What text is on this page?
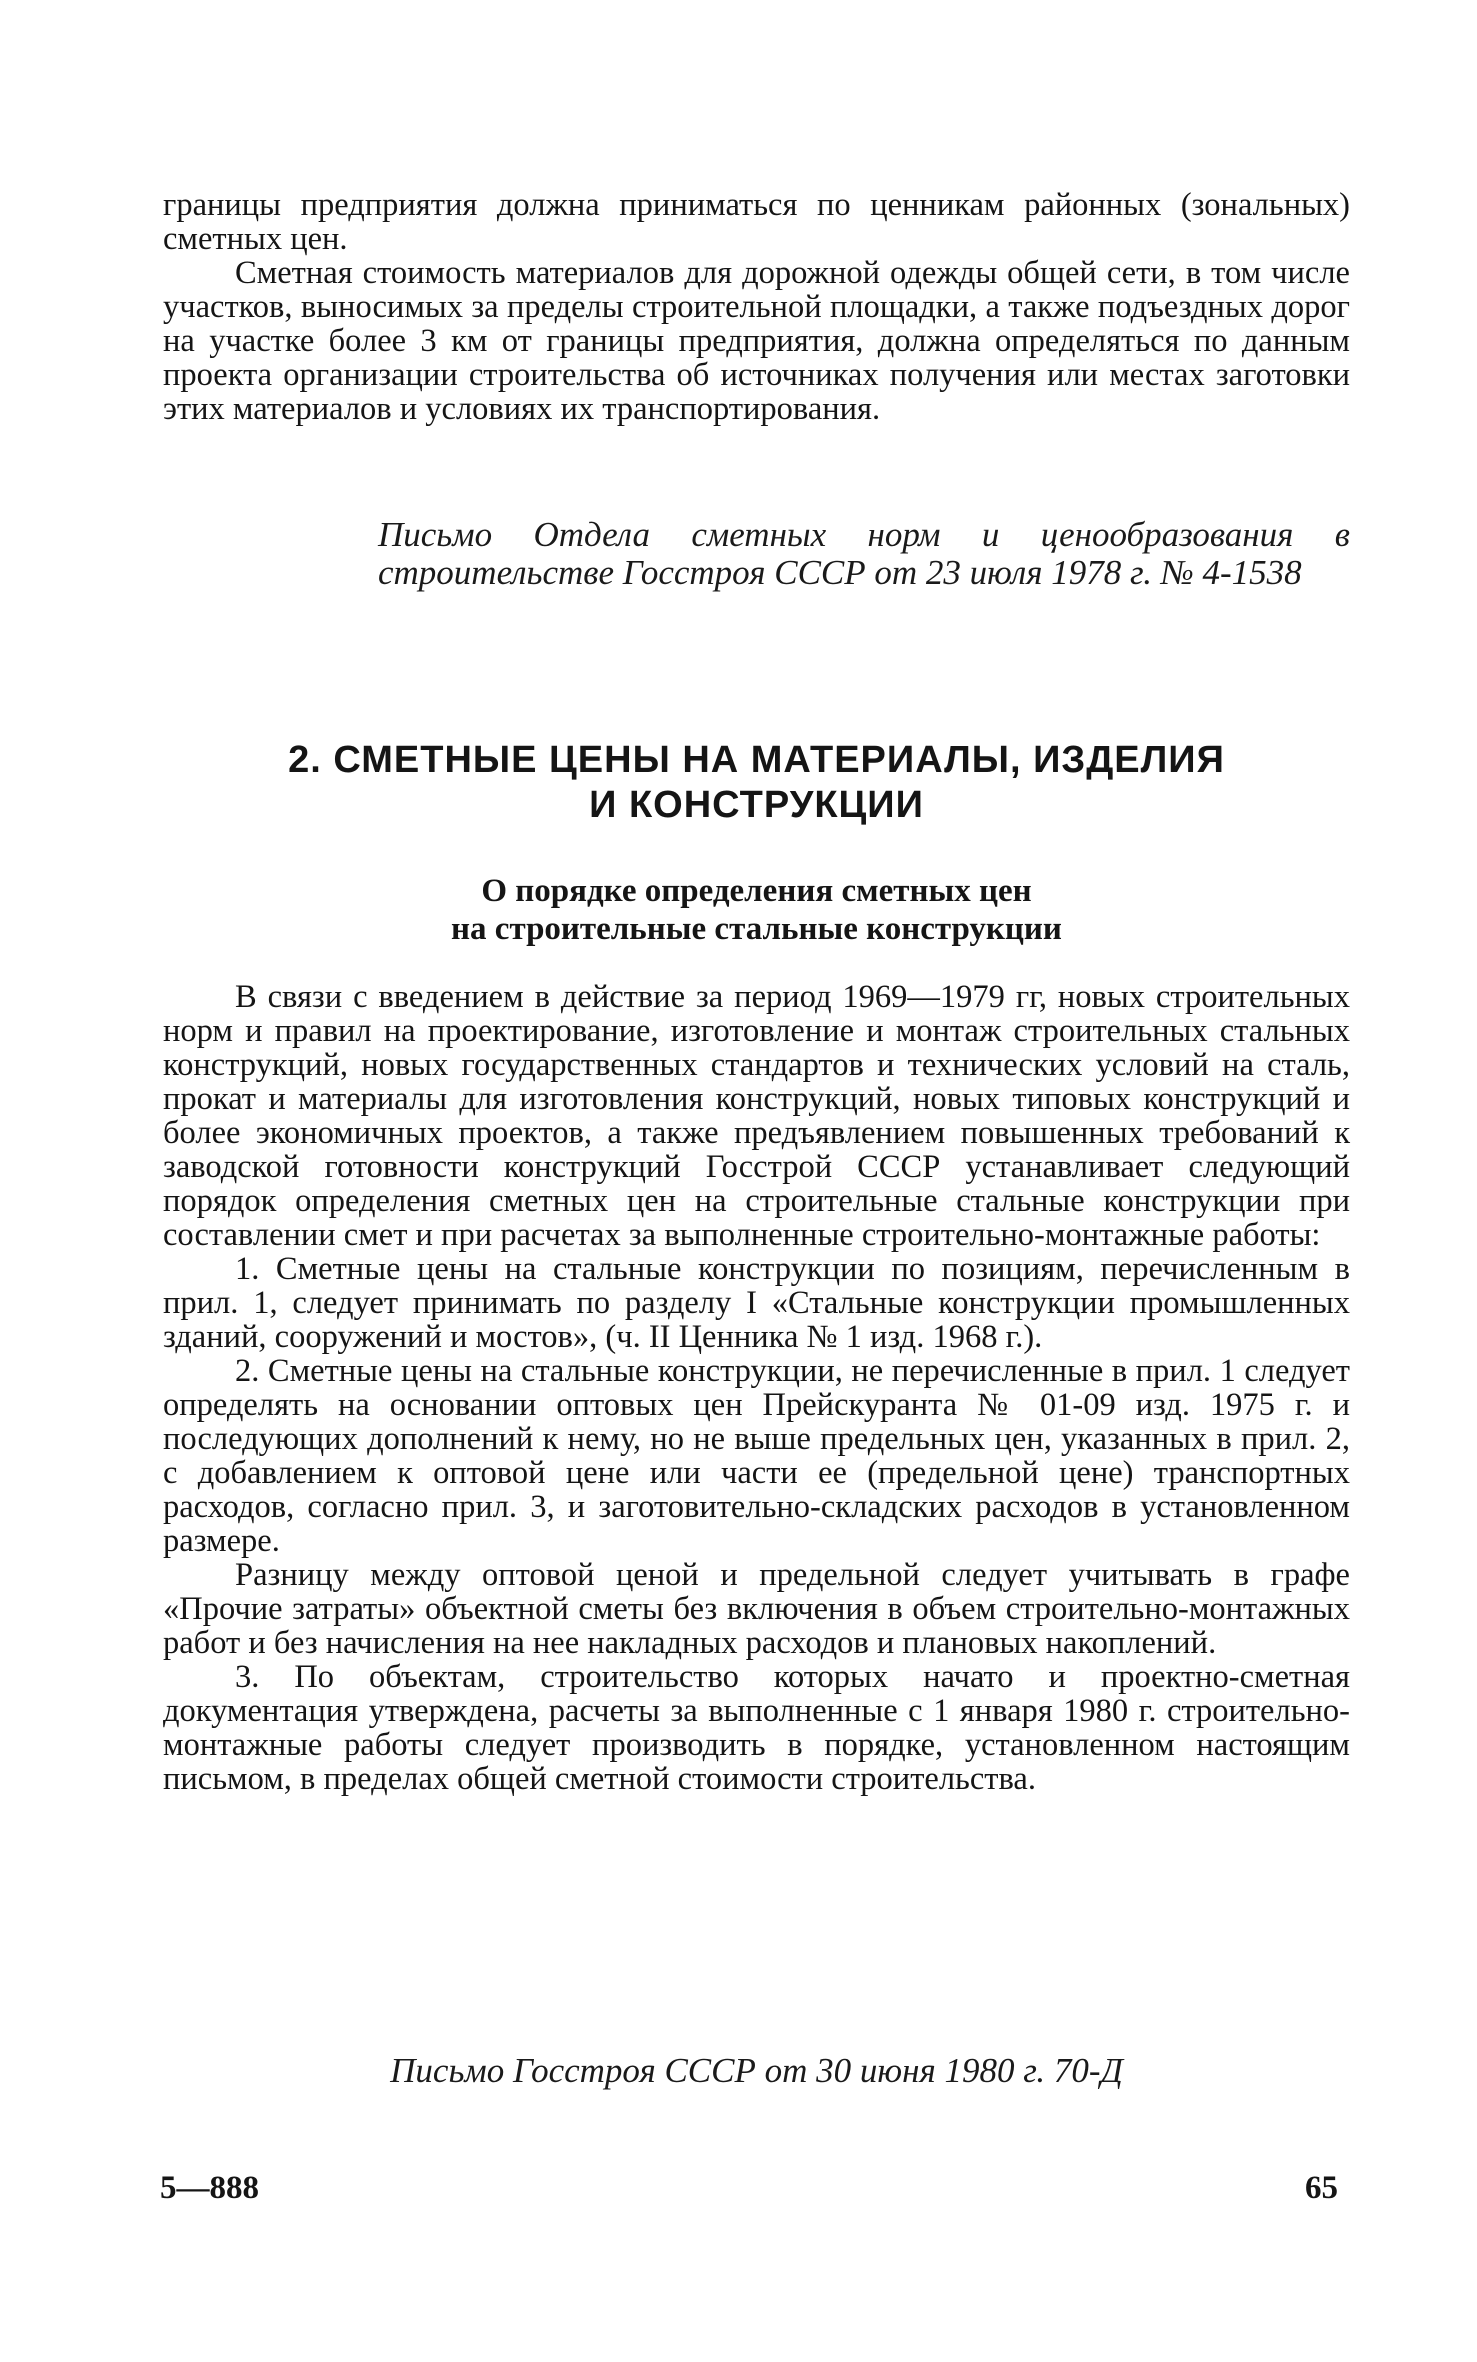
границы предприятия должна приниматься по ценникам районных (зональных) сметных цен.

Сметная стоимость материалов для дорожной одежды общей сети, в том числе участков, выносимых за пределы строительной площадки, а также подъездных дорог на участке более 3 км от границы предприятия, должна определяться по данным проекта организации строительства об источниках получения или местах заготовки этих материалов и условиях их транспортирования.

Письмо Отдела сметных норм и ценообразования в строительстве Госстроя СССР от 23 июля 1978 г. № 4-1538
2. СМЕТНЫЕ ЦЕНЫ НА МАТЕРИАЛЫ, ИЗДЕЛИЯ
И КОНСТРУКЦИИ
О порядке определения сметных цен
на строительные стальные конструкции

В связи с введением в действие за период 1969—1979 гг, новых строительных норм и правил на проектирование, изготовление и монтаж строительных стальных конструкций, новых государственных стандартов и технических условий на сталь, прокат и материалы для изготовления конструкций, новых типовых конструкций и более экономичных проектов, а также предъявлением повышенных требований к заводской готовности конструкций Госстрой СССР устанавливает следующий порядок определения сметных цен на строительные стальные конструкции при составлении смет и при расчетах за выполненные строительно-монтажные работы:

1. Сметные цены на стальные конструкции по позициям, перечисленным в прил. 1, следует принимать по разделу I «Стальные конструкции промышленных зданий, сооружений и мостов», (ч. II Ценника № 1 изд. 1968 г.).

2. Сметные цены на стальные конструкции, не перечисленные в прил. 1 следует определять на основании оптовых цен Прейскуранта № 01-09 изд. 1975 г. и последующих дополнений к нему, но не выше предельных цен, указанных в прил. 2, с добавлением к оптовой цене или части ее (предельной цене) транспортных расходов, согласно прил. 3, и заготовительно-складских расходов в установленном размере.

Разницу между оптовой ценой и предельной следует учитывать в графе «Прочие затраты» объектной сметы без включения в объем строительно-монтажных работ и без начисления на нее накладных расходов и плановых накоплений.

3. По объектам, строительство которых начато и проектно-сметная документация утверждена, расчеты за выполненные с 1 января 1980 г. строительно-монтажные работы следует производить в порядке, установленном настоящим письмом, в пределах общей сметной стоимости строительства.

Письмо Госстроя СССР от 30 июня 1980 г. 70-Д
5—888	65
